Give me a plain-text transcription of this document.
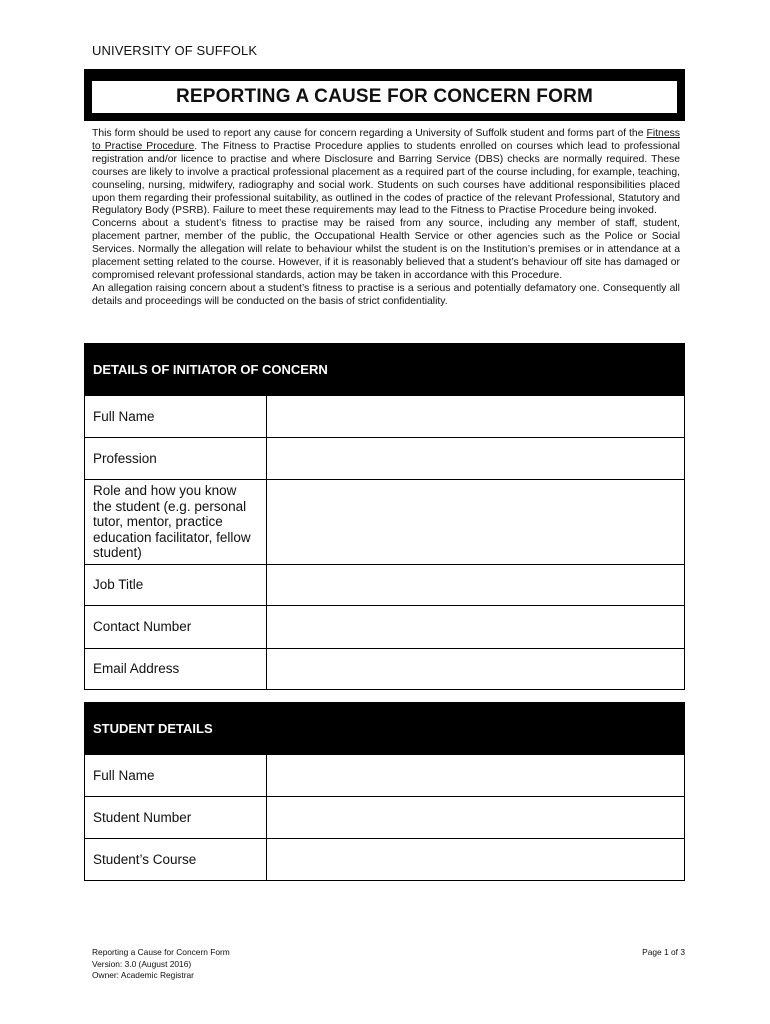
UNIVERSITY OF SUFFOLK
REPORTING A CAUSE FOR CONCERN FORM

This form should be used to report any cause for concern regarding a University of Suffolk student and forms part of the Fitness to Practise Procedure. The Fitness to Practise Procedure applies to students enrolled on courses which lead to professional registration and/or licence to practise and where Disclosure and Barring Service (DBS) checks are normally required. These courses are likely to involve a practical professional placement as a required part of the course including, for example, teaching, counseling, nursing, midwifery, radiography and social work. Students on such courses have additional responsibilities placed upon them regarding their professional suitability, as outlined in the codes of practice of the relevant Professional, Statutory and Regulatory Body (PSRB). Failure to meet these requirements may lead to the Fitness to Practise Procedure being invoked.

Concerns about a student’s fitness to practise may be raised from any source, including any member of staff, student, placement partner, member of the public, the Occupational Health Service or other agencies such as the Police or Social Services. Normally the allegation will relate to behaviour whilst the student is on the Institution’s premises or in attendance at a placement setting related to the course. However, if it is reasonably believed that a student’s behaviour off site has damaged or compromised relevant professional standards, action may be taken in accordance with this Procedure.

An allegation raising concern about a student’s fitness to practise is a serious and potentially defamatory one. Consequently all details and proceedings will be conducted on the basis of strict confidentiality.

DETAILS OF INITIATOR OF CONCERN
Full Name	
Profession	
Role and how you know the student (e.g. personal tutor, mentor, practice education facilitator, fellow student)	
Job Title	
Contact Number	
Email Address	
STUDENT DETAILS
Full Name	
Student Number	
Student’s Course	
Reporting a Cause for Concern Form
Version: 3.0 (August 2016)
Owner: Academic Registrar
Page 1 of 3
